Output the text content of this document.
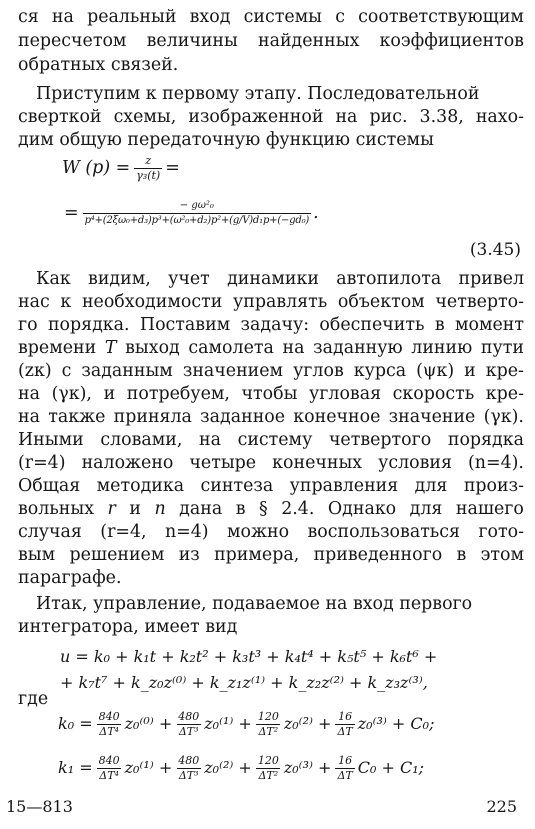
ся на реальный вход системы с соответствующим
пересчетом величины найденных коэффициентов
обратных связей.
Приступим к первому этапу. Последовательной
сверткой схемы, изображенной на рис. 3.38, нахо-
дим общую передаточную функцию системы
W $(p) = \frac{z}{\text{γ₃(t)}}$ =
= $\frac{\text{− gω²₀}}{\text{p⁴+(2ξω₀+d₃)p³+(ω²₀+d₂)p²+(g/V)d₁p+(−gd₀)}}$ .
(3.45)
Как видим, учет динамики автопилота привел
нас к необходимости управлять объектом четверто-
го порядка. Поставим задачу: обеспечить в момент
времени T выход самолета на заданную линию пути
(zк) с заданным значением углов курса (ψк) и кре-
на (γк), и потребуем, чтобы угловая скорость кре-
на также приняла заданное конечное значение (γк).
Иными словами, на систему четвертого порядка
(r=4) наложено четыре конечных условия (n=4).
Общая методика синтеза управления для произ-
вольных r и n дана в § 2.4. Однако для нашего
случая (r=4, n=4) можно воспользоваться гото-
вым решением из примера, приведенного в этом
параграфе.
Итак, управление, подаваемое на вход первого
интегратора, имеет вид
u = k₀ + k₁t + k₂t² + k₃t³ + k₄t⁴ + k₅t⁵ + k₆t⁶ +
+ k₇t⁷ + k_z₀z⁽⁰⁾ + k_z₁z⁽¹⁾ + k_z₂z⁽²⁾ + k_z₃z⁽³⁾,
где
$k_0 = \frac{840}{\text{ΔT⁴}} z_0^{(0)} + \frac{480}{\text{ΔT³}} z_0^{(1)} + \frac{120}{\text{ΔT²}} z_0^{(2)} + \frac{16}{\Delta T} z_0^{(3)} + C_0$;
$k_1 = \frac{840}{\text{ΔT⁴}} z_0^{(1)} + \frac{480}{\text{ΔT³}} z_0^{(2)} + \frac{120}{\text{ΔT²}} z_0^{(3)} + \frac{16}{\Delta T} C_0 + C_1$;
15—813	225
